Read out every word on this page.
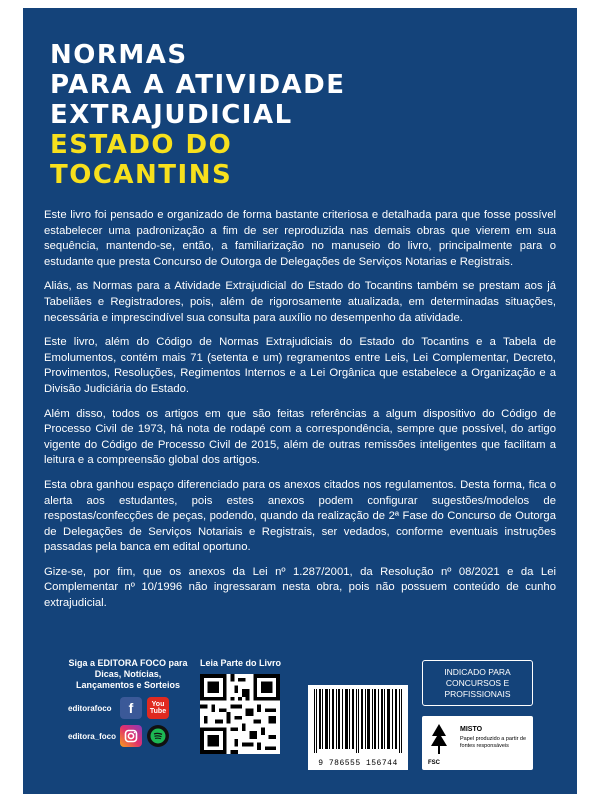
NORMAS
PARA A ATIVIDADE
EXTRAJUDICIAL
ESTADO DO
TOCANTINS

Este livro foi pensado e organizado de forma bastante criteriosa e detalhada para que fosse possível estabelecer uma padronização a fim de ser reproduzida nas demais obras que vierem em sua sequência, mantendo-se, então, a familiarização no manuseio do livro, principalmente para o estudante que presta Concurso de Outorga de Delegações de Serviços Notarias e Registrais.

Aliás, as Normas para a Atividade Extrajudicial do Estado do Tocantins também se prestam aos já Tabeliães e Registradores, pois, além de rigorosamente atualizada, em determinadas situações, necessária e imprescindível sua consulta para auxílio no desempenho da atividade.

Este livro, além do Código de Normas Extrajudiciais do Estado do Tocantins e a Tabela de Emolumentos, contém mais 71 (setenta e um) regramentos entre Leis, Lei Complementar, Decreto, Provimentos, Resoluções, Regimentos Internos e a Lei Orgânica que estabelece a Organização e a Divisão Judiciária do Estado.

Além disso, todos os artigos em que são feitas referências a algum dispositivo do Código de Processo Civil de 1973, há nota de rodapé com a correspondência, sempre que possível, do artigo vigente do Código de Processo Civil de 2015, além de outras remissões inteligentes que facilitam a leitura e a compreensão global dos artigos.

Esta obra ganhou espaço diferenciado para os anexos citados nos regulamentos. Desta forma, fica o alerta aos estudantes, pois estes anexos podem configurar sugestões/modelos de respostas/confecções de peças, podendo, quando da realização de 2ª Fase do Concurso de Outorga de Delegações de Serviços Notariais e Registrais, ser vedados, conforme eventuais instruções passadas pela banca em edital oportuno.

Gize-se, por fim, que os anexos da Lei nº 1.287/2001, da Resolução nº 08/2021 e da Lei Complementar nº 10/1996 não ingressaram nesta obra, pois não possuem conteúdo de cunho extrajudicial.

Siga a EDITORA FOCO para Dicas, Notícias, Lançamentos e Sorteios

editorafoco	f	You
Tube
editora_foco

Leia Parte do Livro

9 786555 156744
INDICADO PARA
CONCURSOS E
PROFISSIONAIS
FSC
MISTO
Papel produzido a partir de fontes responsáveis
